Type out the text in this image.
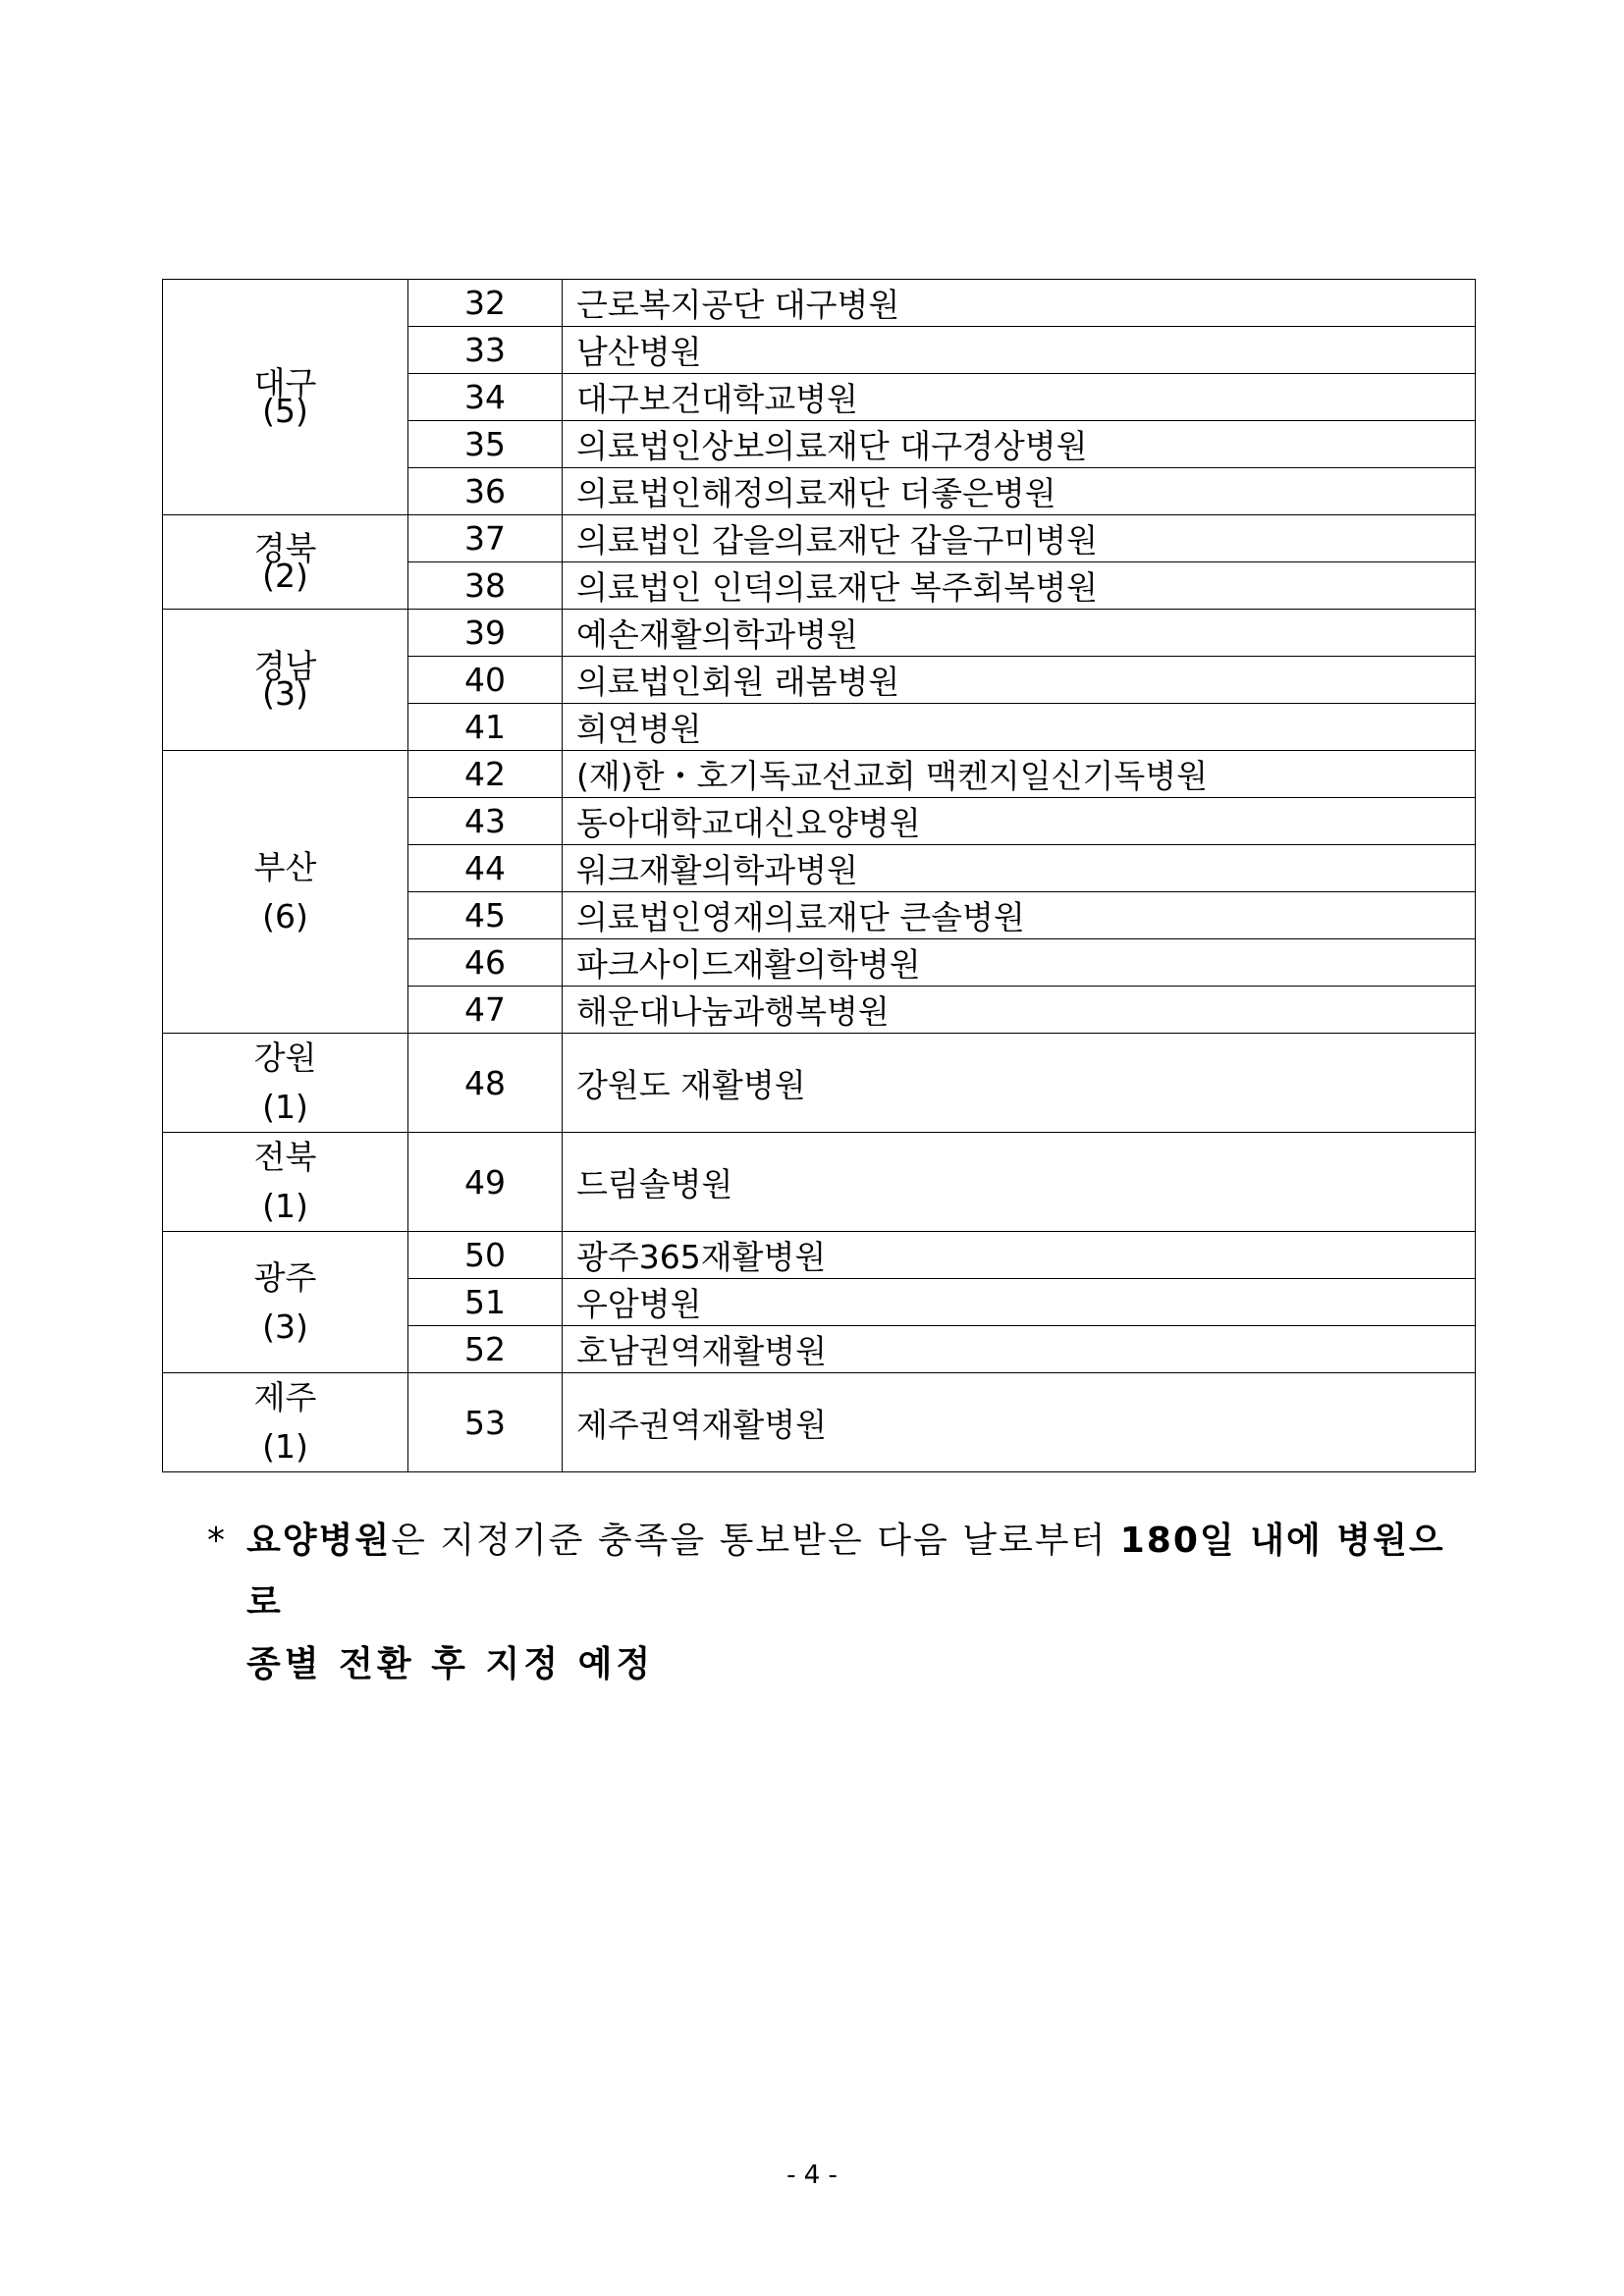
대구
(5)	32	근로복지공단 대구병원
	33	남산병원
	34	대구보건대학교병원
	35	의료법인상보의료재단 대구경상병원
	36	의료법인해정의료재단 더좋은병원

경북
(2)	37	의료법인 갑을의료재단 갑을구미병원
	38	의료법인 인덕의료재단 복주회복병원

경남
(3)	39	예손재활의학과병원
	40	의료법인회원 래봄병원
	41	희연병원

부산
(6)	42	(재)한・호기독교선교회 맥켄지일신기독병원
	43	동아대학교대신요양병원
	44	워크재활의학과병원
	45	의료법인영재의료재단 큰솔병원
	46	파크사이드재활의학병원
	47	해운대나눔과행복병원

강원
(1)	48	강원도 재활병원

전북
(1)	49	드림솔병원

광주
(3)	50	광주365재활병원
	51	우암병원
	52	호남권역재활병원

제주
(1)	53	제주권역재활병원
* 요양병원은 지정기준 충족을 통보받은 다음 날로부터 180일 내에 병원으로
종별 전환 후 지정 예정
- 4 -
